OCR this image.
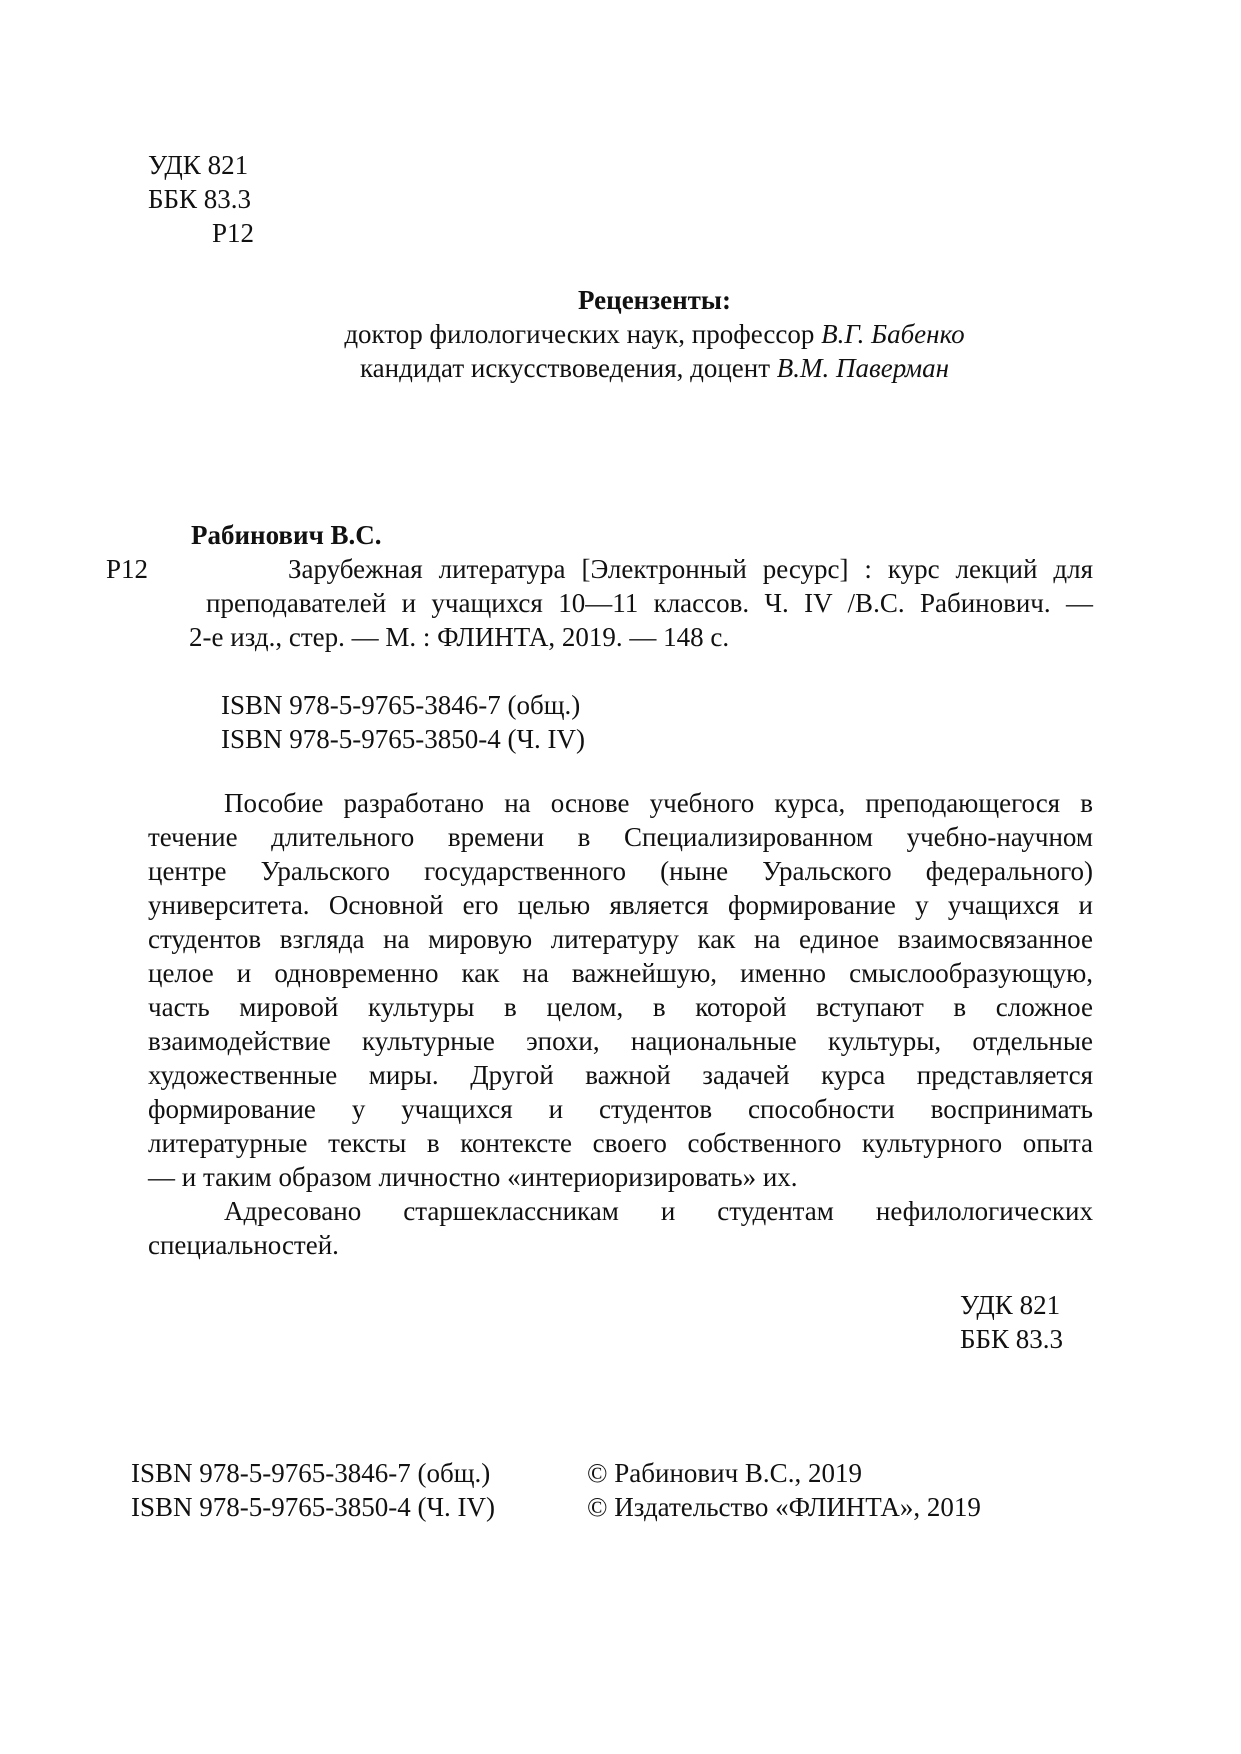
УДК 821
ББК 83.3
Р12
Рецензенты:
доктор филологических наук, профессор В.Г. Бабенко
кандидат искусствоведения, доцент В.М. Паверман
Рабинович В.С.
Р12	Зарубежная литература [Электронный ресурс] : курс лекций для
преподавателей и учащихся 10—11 классов. Ч. IV /В.С. Рабинович. —
2-е изд., стер. — М. : ФЛИНТА, 2019. — 148 с.
ISBN 978-5-9765-3846-7 (общ.)
ISBN 978-5-9765-3850-4 (Ч. IV)
Пособие разработано на основе учебного курса, преподающегося в
течение длительного времени в Специализированном учебно-научном
центре Уральского государственного (ныне Уральского федерального)
университета. Основной его целью является формирование у учащихся и
студентов взгляда на мировую литературу как на единое взаимосвязанное
целое и одновременно как на важнейшую, именно смыслообразующую,
часть мировой культуры в целом, в которой вступают в сложное
взаимодействие культурные эпохи, национальные культуры, отдельные
художественные миры. Другой важной задачей курса представляется
формирование у учащихся и студентов способности воспринимать
литературные тексты в контексте своего собственного культурного опыта
— и таким образом личностно «интериоризировать» их.
Адресовано старшеклассникам и студентам нефилологических
специальностей.
УДК 821
ББК 83.3
ISBN 978-5-9765-3846-7 (общ.)
ISBN 978-5-9765-3850-4 (Ч. IV)
© Рабинович В.С., 2019
© Издательство «ФЛИНТА», 2019
